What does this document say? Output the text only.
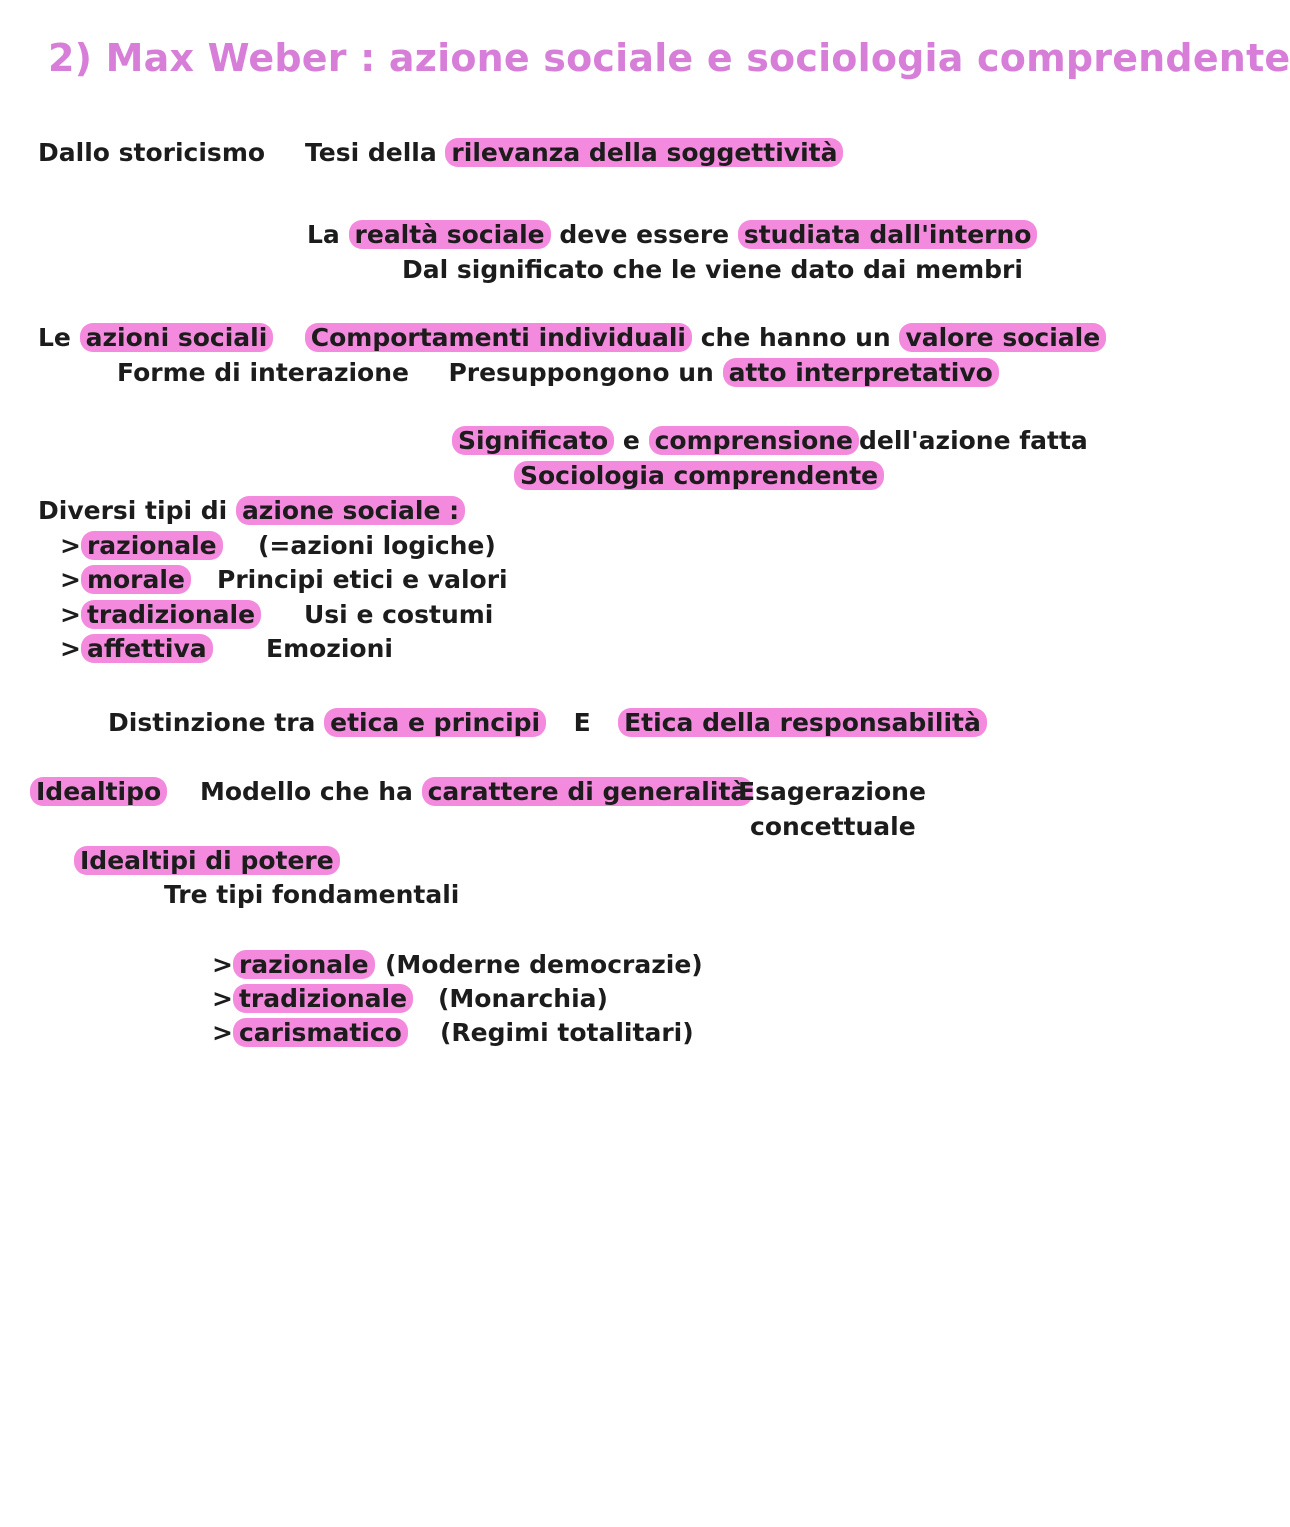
2) Max Weber : azione sociale e sociologia comprendente
Dallo storicismo Tesi della rilevanza della soggettività
La realtà sociale deve essere studiata dall'interno
Dal significato che le viene dato dai membri
Le azioni sociali Comportamenti individuali che hanno un valore sociale
Forme di interazione Presuppongono un atto interpretativo
Significato e comprensione dell'azione fatta
Sociologia comprendente
Diversi tipi di azione sociale :
> razionale (=azioni logiche)
> morale Principi etici e valori
> tradizionale Usi e costumi
> affettiva Emozioni
Distinzione tra etica e principi E Etica della responsabilità
Idealtipo Modello che ha carattere di generalità
Esagerazione
concettuale
Idealtipi di potere
Tre tipi fondamentali
> razionale (Moderne democrazie)
> tradizionale (Monarchia)
> carismatico (Regimi totalitari)
